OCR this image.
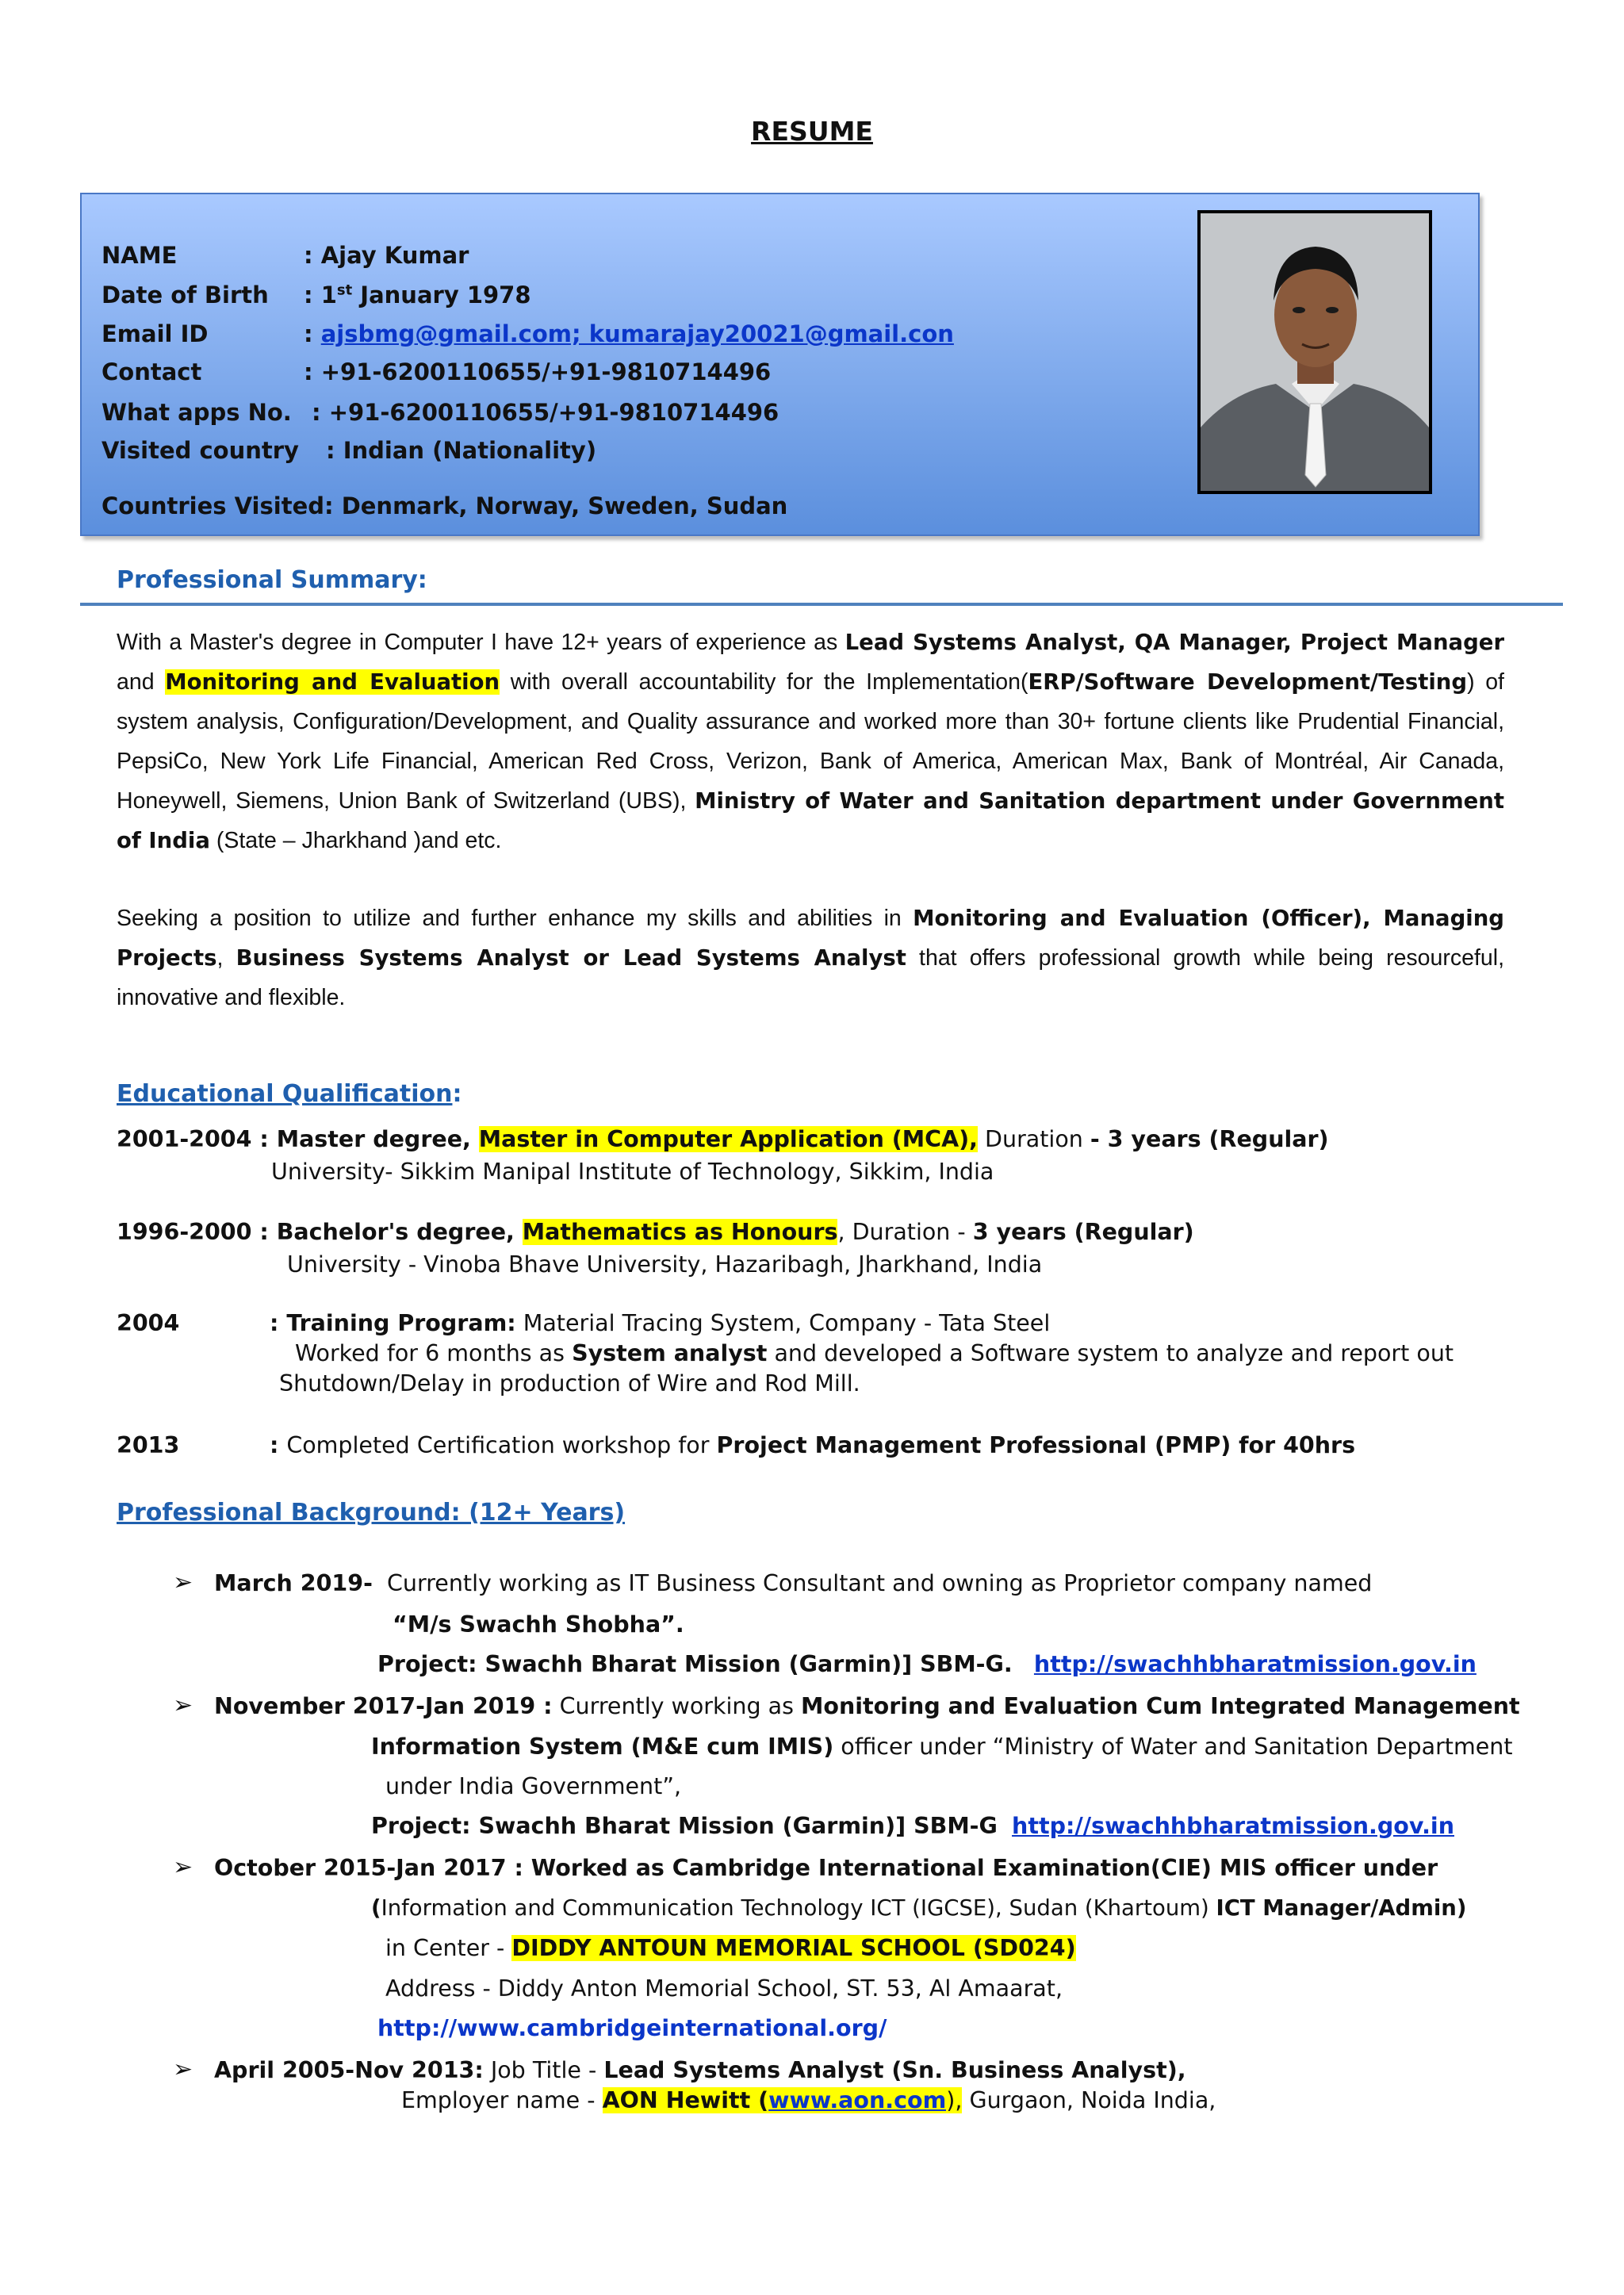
RESUME
NAME	: Ajay Kumar
Date of Birth : 1st January 1978
Email ID	: ajsbmg@gmail.com; kumarajay20021@gmail.con
Contact	: +91-6200110655/+91-9810714496
What apps No. : +91-6200110655/+91-9810714496
Visited country : Indian (Nationality)
Countries Visited: Denmark, Norway, Sweden, Sudan
Professional Summary:
With a Master's degree in Computer I have 12+ years of experience as Lead Systems Analyst, QA Manager, Project Manager and Monitoring and Evaluation with overall accountability for the Implementation(ERP/Software Development/Testing) of system analysis, Configuration/Development, and Quality assurance and worked more than 30+ fortune clients like Prudential Financial, PepsiCo, New York Life Financial, American Red Cross, Verizon, Bank of America, American Max, Bank of Montréal, Air Canada, Honeywell, Siemens, Union Bank of Switzerland (UBS), Ministry of Water and Sanitation department under Government of India (State – Jharkhand )and etc.
Seeking a position to utilize and further enhance my skills and abilities in Monitoring and Evaluation (Officer), Managing Projects, Business Systems Analyst or Lead Systems Analyst that offers professional growth while being resourceful, innovative and flexible.
Educational Qualification:
2001-2004 : Master degree, Master in Computer Application (MCA), Duration - 3 years (Regular)
University- Sikkim Manipal Institute of Technology, Sikkim, India
1996-2000 : Bachelor's degree, Mathematics as Honours, Duration - 3 years (Regular)
University - Vinoba Bhave University, Hazaribagh, Jharkhand, India
2004	: Training Program: Material Tracing System, Company - Tata Steel
Worked for 6 months as System analyst and developed a Software system to analyze and report out
Shutdown/Delay in production of Wire and Rod Mill.
2013	: Completed Certification workshop for Project Management Professional (PMP) for 40hrs
Professional Background: (12+ Years)
➢ March 2019- Currently working as IT Business Consultant and owning as Proprietor company named
“M/s Swachh Shobha”.
Project: Swachh Bharat Mission (Garmin)] SBM-G. http://swachhbharatmission.gov.in
➢ November 2017-Jan 2019 : Currently working as Monitoring and Evaluation Cum Integrated Management
Information System (M&E cum IMIS) officer under “Ministry of Water and Sanitation Department
under India Government”,
Project: Swachh Bharat Mission (Garmin)] SBM-G http://swachhbharatmission.gov.in
➢ October 2015-Jan 2017 : Worked as Cambridge International Examination(CIE) MIS officer under
(Information and Communication Technology ICT (IGCSE), Sudan (Khartoum) ICT Manager/Admin)
in Center - DIDDY ANTOUN MEMORIAL SCHOOL (SD024)
Address - Diddy Anton Memorial School, ST. 53, Al Amaarat,
http://www.cambridgeinternational.org/
➢ April 2005-Nov 2013: Job Title - Lead Systems Analyst (Sn. Business Analyst),
Employer name - AON Hewitt (www.aon.com), Gurgaon, Noida India,
